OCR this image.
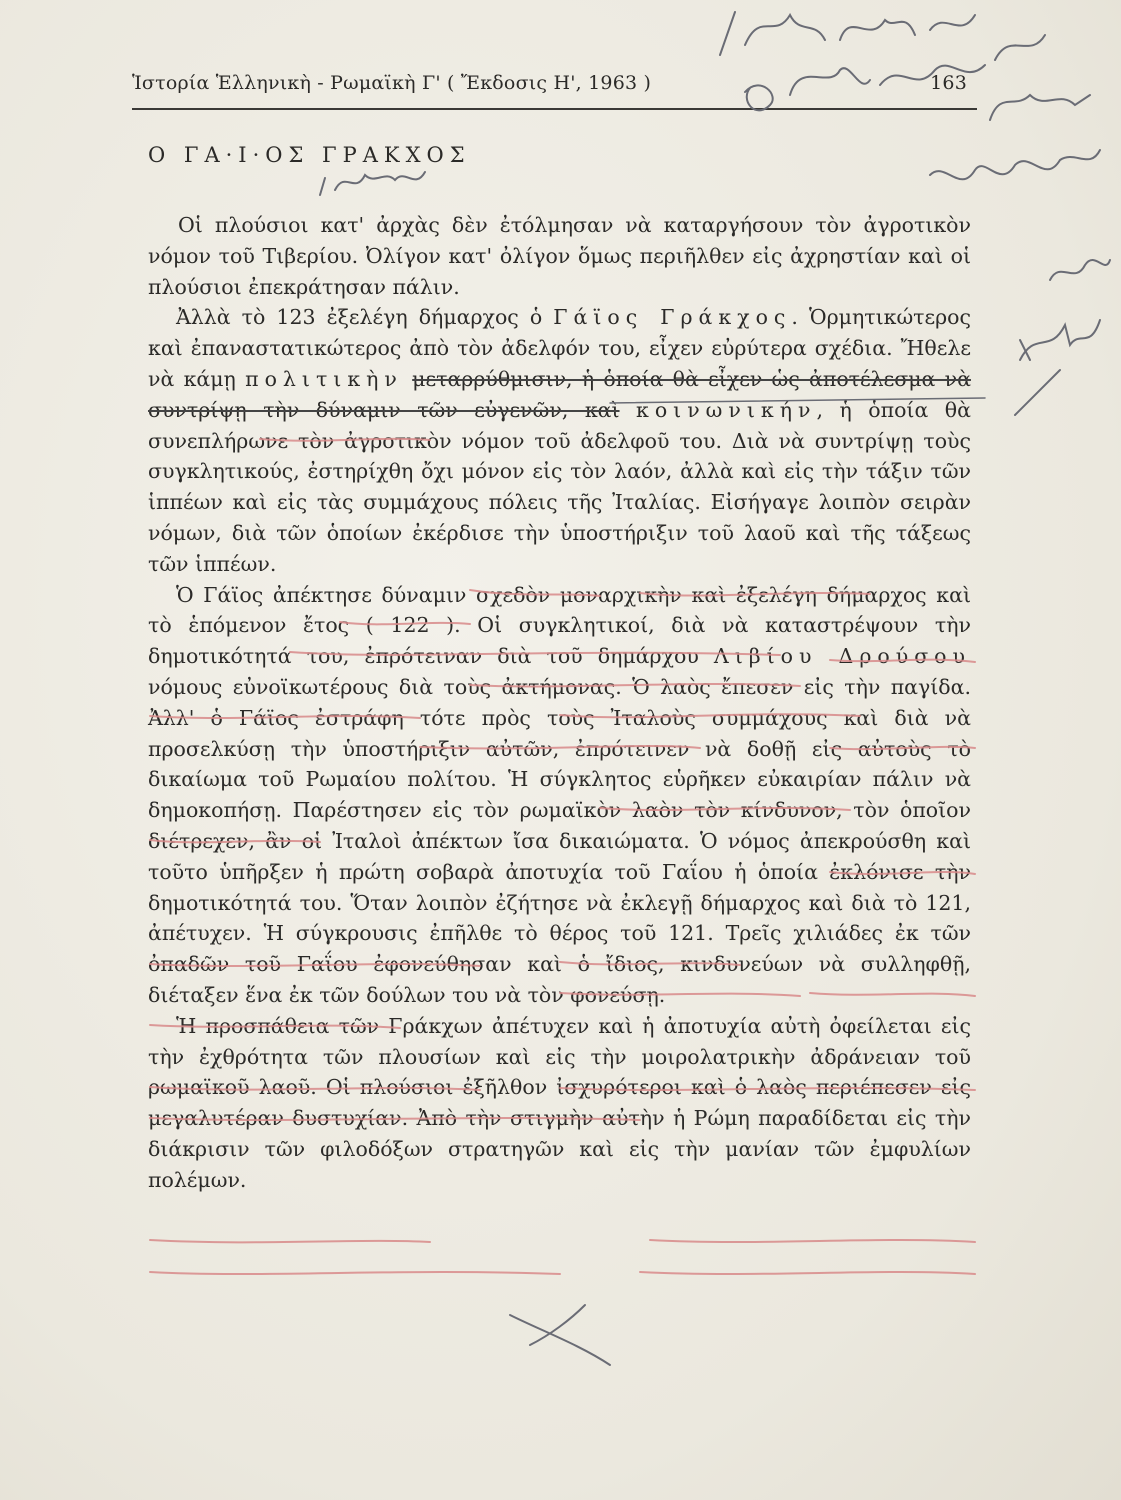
Ἱστορία Ἑλληνικὴ - Ρωμαϊκὴ Γ' ( Ἔκδοσις Η', 1963 )	163
Ο ΓΑ·Ι·ΟΣ ΓΡΑΚΧΟΣ

Οἱ πλούσιοι κατ' ἀρχὰς δὲν ἐτόλμησαν νὰ καταργήσουν τὸν ἀγροτικὸν νόμον τοῦ Τιβερίου. Ὀλίγον κατ' ὀλίγον ὅμως περιῆλθεν εἰς ἀχρηστίαν καὶ οἱ πλούσιοι ἐπεκράτησαν πάλιν.

Ἀλλὰ τὸ 123 ἐξελέγη δήμαρχος ὁ Γάϊος Γράκχος. Ὁρμητικώτερος καὶ ἐπαναστατικώτερος ἀπὸ τὸν ἀδελφόν του, εἶχεν εὐρύτερα σχέδια. Ἤθελε νὰ κάμῃ πολιτικὴν μεταρρύθμισιν, ἡ ὁποία θὰ εἶχεν ὡς ἀποτέλεσμα νὰ συντρίψῃ τὴν δύναμιν τῶν εὐγενῶν, καὶ κοινωνικήν, ἡ ὁποία θὰ συνεπλήρωνε τὸν ἀγροτικὸν νόμον τοῦ ἀδελφοῦ του. Διὰ νὰ συντρίψῃ τοὺς συγκλητικούς, ἐστηρίχθη ὄχι μόνον εἰς τὸν λαόν, ἀλλὰ καὶ εἰς τὴν τάξιν τῶν ἱππέων καὶ εἰς τὰς συμμάχους πόλεις τῆς Ἰταλίας. Εἰσήγαγε λοιπὸν σειρὰν νόμων, διὰ τῶν ὁποίων ἐκέρδισε τὴν ὑποστήριξιν τοῦ λαοῦ καὶ τῆς τάξεως τῶν ἱππέων.

Ὁ Γάϊος ἀπέκτησε δύναμιν σχεδὸν μοναρχικὴν καὶ ἐξελέγη δήμαρχος καὶ τὸ ἑπόμενον ἔτος ( 122 ). Οἱ συγκλητικοί, διὰ νὰ καταστρέψουν τὴν δημοτικότητά του, ἐπρότειναν διὰ τοῦ δημάρχου Λιβίου Δρούσου νόμους εὐνοϊκωτέρους διὰ τοὺς ἀκτήμονας. Ὁ λαὸς ἔπεσεν εἰς τὴν παγίδα. Ἀλλ' ὁ Γάϊος ἐστράφη τότε πρὸς τοὺς Ἰταλοὺς συμμάχους καὶ διὰ νὰ προσελκύσῃ τὴν ὑποστήριξιν αὐτῶν, ἐπρότεινεν νὰ δοθῇ εἰς αὐτοὺς τὸ δικαίωμα τοῦ Ρωμαίου πολίτου. Ἡ σύγκλητος εὑρῆκεν εὐκαιρίαν πάλιν νὰ δημοκοπήσῃ. Παρέστησεν εἰς τὸν ρωμαϊκὸν λαὸν τὸν κίνδυνον, τὸν ὁποῖον διέτρεχεν, ἂν οἱ Ἰταλοὶ ἀπέκτων ἴσα δικαιώματα. Ὁ νόμος ἀπεκρούσθη καὶ τοῦτο ὑπῆρξεν ἡ πρώτη σοβαρὰ ἀποτυχία τοῦ Γαΐου ἡ ὁποία ἐκλόνισε τὴν δημοτικότητά του. Ὅταν λοιπὸν ἐζήτησε νὰ ἐκλεγῇ δήμαρχος καὶ διὰ τὸ 121, ἀπέτυχεν. Ἡ σύγκρουσις ἐπῆλθε τὸ θέρος τοῦ 121. Τρεῖς χιλιάδες ἐκ τῶν ὀπαδῶν τοῦ Γαΐου ἐφονεύθησαν καὶ ὁ ἴδιος, κινδυνεύων νὰ συλληφθῇ, διέταξεν ἕνα ἐκ τῶν δούλων του νὰ τὸν φονεύσῃ.

Ἡ προσπάθεια τῶν Γράκχων ἀπέτυχεν καὶ ἡ ἀποτυχία αὐτὴ ὀφείλεται εἰς τὴν ἐχθρότητα τῶν πλουσίων καὶ εἰς τὴν μοιρολατρικὴν ἀδράνειαν τοῦ ρωμαϊκοῦ λαοῦ. Οἱ πλούσιοι ἐξῆλθον ἰσχυρότεροι καὶ ὁ λαὸς περιέπεσεν εἰς μεγαλυτέραν δυστυχίαν. Ἀπὸ τὴν στιγμὴν αὐτὴν ἡ Ρώμη παραδίδεται εἰς τὴν διάκρισιν τῶν φιλοδόξων στρατηγῶν καὶ εἰς τὴν μανίαν τῶν ἐμφυλίων πολέμων.
